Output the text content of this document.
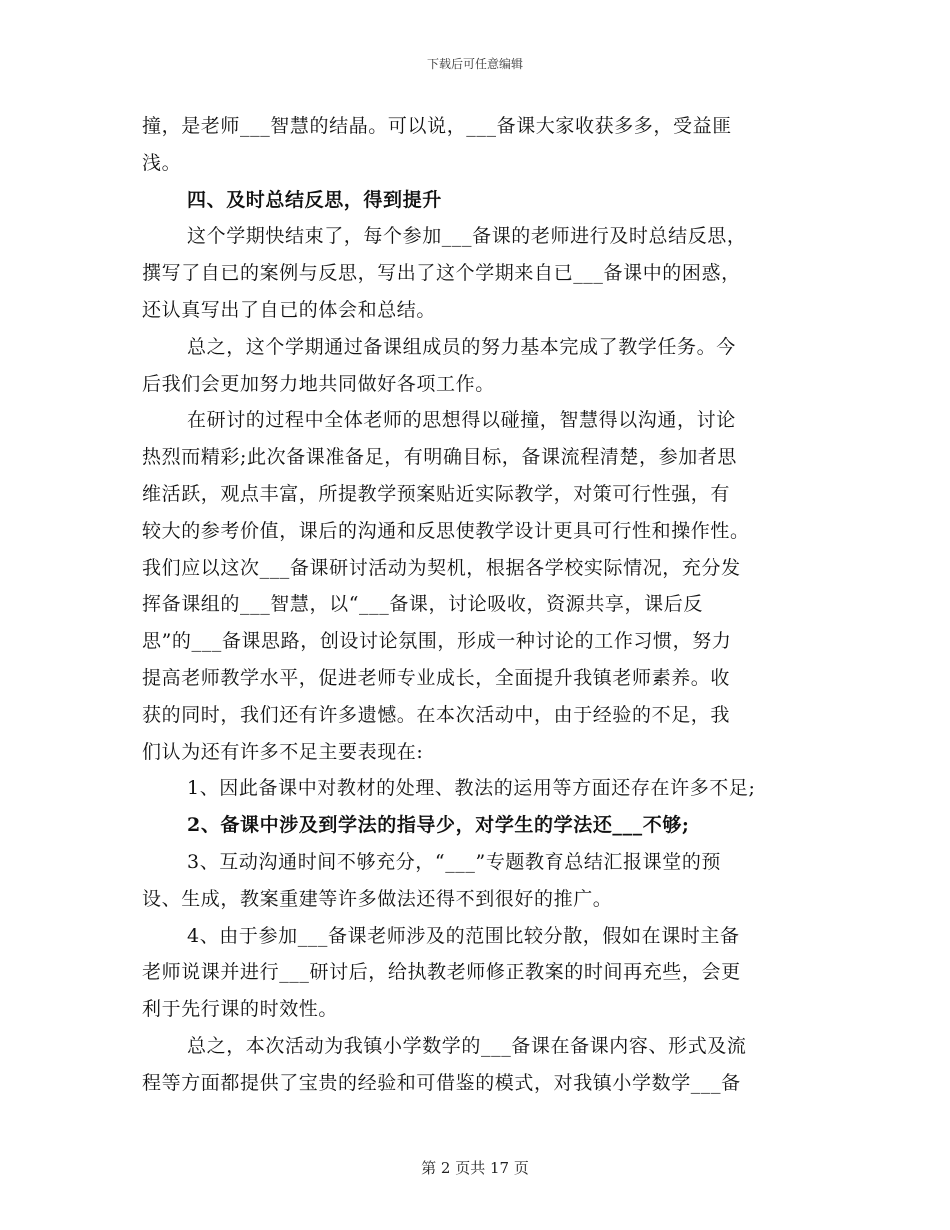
下载后可任意编辑
撞，是老师___智慧的结晶。可以说，___备课大家收获多多，受益匪
浅。
四、及时总结反思，得到提升
这个学期快结束了，每个参加___备课的老师进行及时总结反思，
撰写了自已的案例与反思，写出了这个学期来自已___备课中的困惑，
还认真写出了自已的体会和总结。
总之，这个学期通过备课组成员的努力基本完成了教学任务。今
后我们会更加努力地共同做好各项工作。
在研讨的过程中全体老师的思想得以碰撞，智慧得以沟通，讨论
热烈而精彩;此次备课准备足，有明确目标，备课流程清楚，参加者思
维活跃，观点丰富，所提教学预案贴近实际教学，对策可行性强，有
较大的参考价值，课后的沟通和反思使教学设计更具可行性和操作性。
我们应以这次___备课研讨活动为契机，根据各学校实际情况，充分发
挥备课组的___智慧，以“___备课，讨论吸收，资源共享，课后反
思”的___备课思路，创设讨论氛围，形成一种讨论的工作习惯，努力
提高老师教学水平，促进老师专业成长，全面提升我镇老师素养。收
获的同时，我们还有许多遗憾。在本次活动中，由于经验的不足，我
们认为还有许多不足主要表现在:
1、因此备课中对教材的处理、教法的运用等方面还存在许多不足;
2、备课中涉及到学法的指导少，对学生的学法还___不够;
3、互动沟通时间不够充分，“___”专题教育总结汇报课堂的预
设、生成，教案重建等许多做法还得不到很好的推广。
4、由于参加___备课老师涉及的范围比较分散，假如在课时主备
老师说课并进行___研讨后，给执教老师修正教案的时间再充些，会更
利于先行课的时效性。
总之，本次活动为我镇小学数学的___备课在备课内容、形式及流
程等方面都提供了宝贵的经验和可借鉴的模式，对我镇小学数学___备
第 2 页共 17 页
